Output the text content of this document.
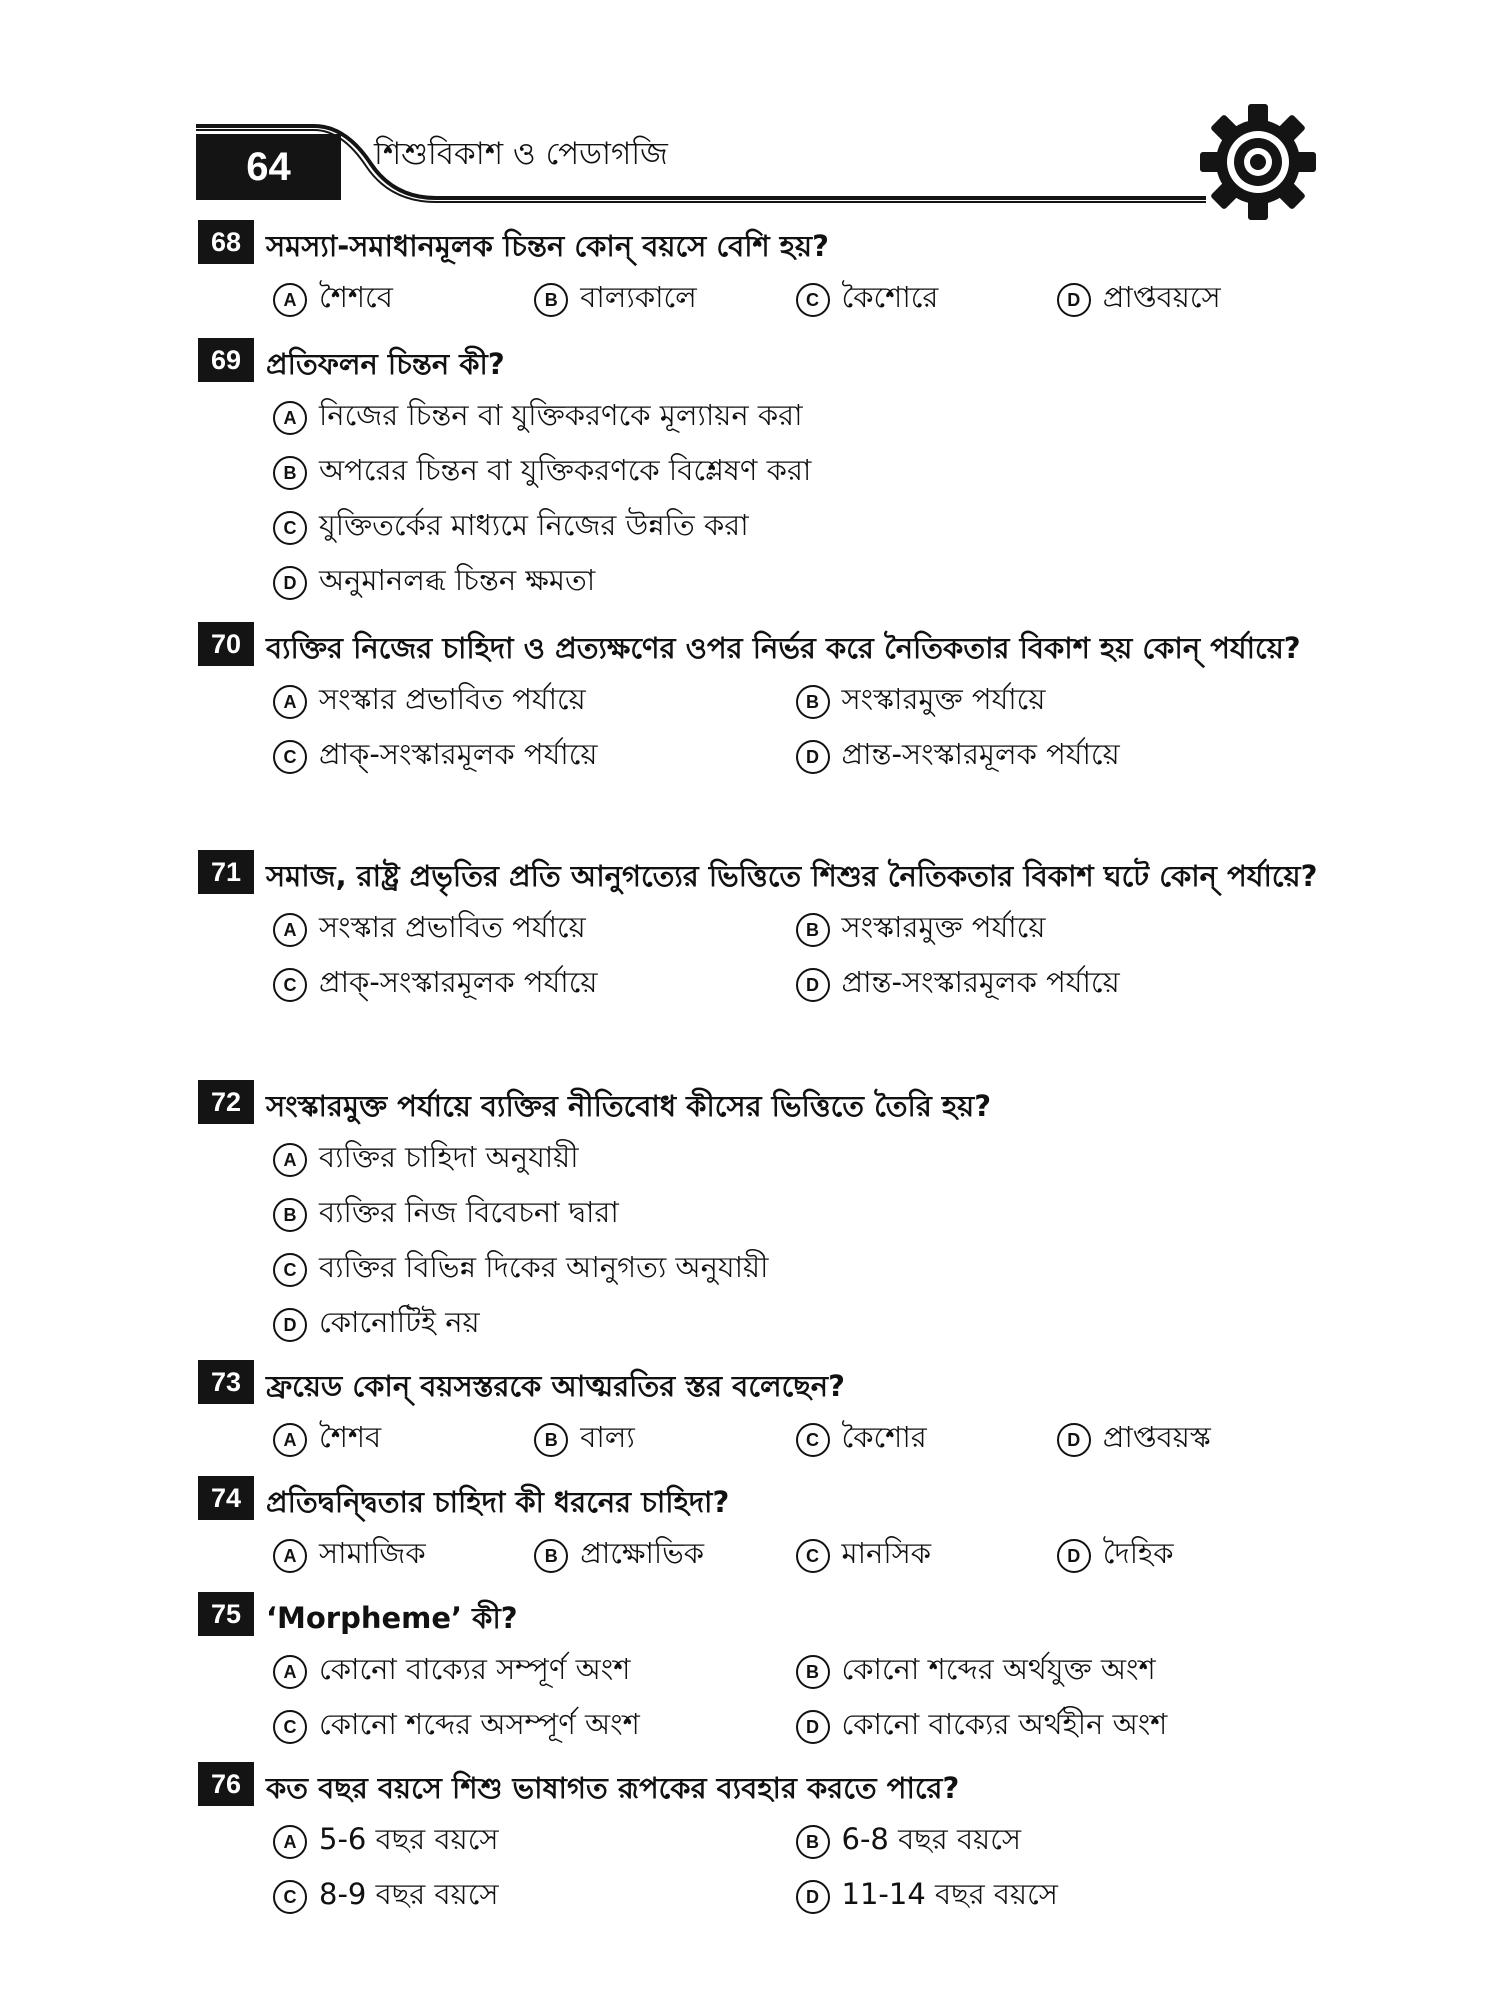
64	শিশুবিকাশ ও পেডাগজি
68 সমস্যা-সমাধানমূলক চিন্তন কোন্ বয়সে বেশি হয়?
A শৈশবে	B বাল্যকালে	C কৈশোরে	D প্রাপ্তবয়সে
69 প্রতিফলন চিন্তন কী?
A নিজের চিন্তন বা যুক্তিকরণকে মূল্যায়ন করা
B অপরের চিন্তন বা যুক্তিকরণকে বিশ্লেষণ করা
C যুক্তিতর্কের মাধ্যমে নিজের উন্নতি করা
D অনুমানলব্ধ চিন্তন ক্ষমতা
70 ব্যক্তির নিজের চাহিদা ও প্রত্যক্ষণের ওপর নির্ভর করে নৈতিকতার বিকাশ হয় কোন্ পর্যায়ে?
A সংস্কার প্রভাবিত পর্যায়ে	B সংস্কারমুক্ত পর্যায়ে
C প্রাক্-সংস্কারমূলক পর্যায়ে	D প্রান্ত-সংস্কারমূলক পর্যায়ে
71 সমাজ, রাষ্ট্র প্রভৃতির প্রতি আনুগত্যের ভিত্তিতে শিশুর নৈতিকতার বিকাশ ঘটে কোন্ পর্যায়ে?
A সংস্কার প্রভাবিত পর্যায়ে	B সংস্কারমুক্ত পর্যায়ে
C প্রাক্-সংস্কারমূলক পর্যায়ে	D প্রান্ত-সংস্কারমূলক পর্যায়ে
72 সংস্কারমুক্ত পর্যায়ে ব্যক্তির নীতিবোধ কীসের ভিত্তিতে তৈরি হয়?
A ব্যক্তির চাহিদা অনুযায়ী
B ব্যক্তির নিজ বিবেচনা দ্বারা
C ব্যক্তির বিভিন্ন দিকের আনুগত্য অনুযায়ী
D কোনোটিই নয়
73 ফ্রয়েড কোন্ বয়সস্তরকে আত্মরতির স্তর বলেছেন?
A শৈশব	B বাল্য	C কৈশোর	D প্রাপ্তবয়স্ক
74 প্রতিদ্বন্দ্বিতার চাহিদা কী ধরনের চাহিদা?
A সামাজিক	B প্রাক্ষোভিক	C মানসিক	D দৈহিক
75 ‘Morpheme’ কী?
A কোনো বাক্যের সম্পূর্ণ অংশ	B কোনো শব্দের অর্থযুক্ত অংশ
C কোনো শব্দের অসম্পূর্ণ অংশ	D কোনো বাক্যের অর্থহীন অংশ
76 কত বছর বয়সে শিশু ভাষাগত রূপকের ব্যবহার করতে পারে?
A 5-6 বছর বয়সে	B 6-8 বছর বয়সে
C 8-9 বছর বয়সে	D 11-14 বছর বয়সে
